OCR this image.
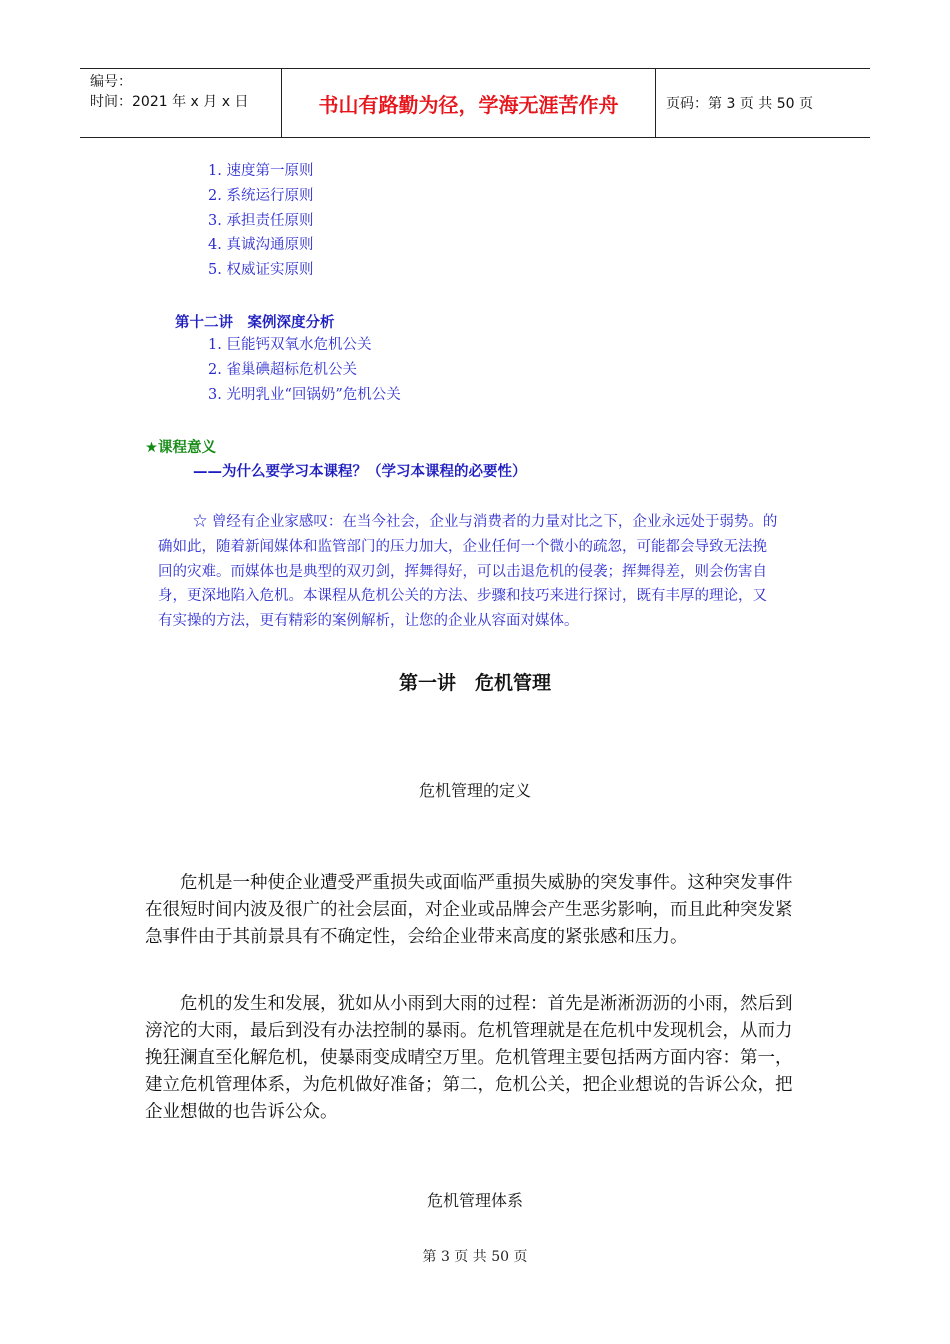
编号：
时间：2021 年 x 月 x 日	书山有路勤为径，学海无涯苦作舟	页码：第 3 页 共 50 页
1. 速度第一原则
2. 系统运行原则
3. 承担责任原则
4. 真诚沟通原则
5. 权威证实原则
第十二讲　案例深度分析
1. 巨能钙双氧水危机公关
2. 雀巢碘超标危机公关
3. 光明乳业“回锅奶”危机公关
★课程意义
——为什么要学习本课程？（学习本课程的必要性）

☆ 曾经有企业家感叹：在当今社会，企业与消费者的力量对比之下，企业永远处于弱势。的确如此，随着新闻媒体和监管部门的压力加大，企业任何一个微小的疏忽，可能都会导致无法挽回的灾难。而媒体也是典型的双刃剑，挥舞得好，可以击退危机的侵袭；挥舞得差，则会伤害自身，更深地陷入危机。本课程从危机公关的方法、步骤和技巧来进行探讨，既有丰厚的理论，又有实操的方法，更有精彩的案例解析，让您的企业从容面对媒体。

第一讲　危机管理
危机管理的定义

危机是一种使企业遭受严重损失或面临严重损失威胁的突发事件。这种突发事件在很短时间内波及很广的社会层面，对企业或品牌会产生恶劣影响，而且此种突发紧急事件由于其前景具有不确定性，会给企业带来高度的紧张感和压力。

危机的发生和发展，犹如从小雨到大雨的过程：首先是淅淅沥沥的小雨，然后到滂沱的大雨，最后到没有办法控制的暴雨。危机管理就是在危机中发现机会，从而力挽狂澜直至化解危机，使暴雨变成晴空万里。危机管理主要包括两方面内容：第一，建立危机管理体系，为危机做好准备；第二，危机公关，把企业想说的告诉公众，把企业想做的也告诉公众。

危机管理体系
第 3 页 共 50 页
